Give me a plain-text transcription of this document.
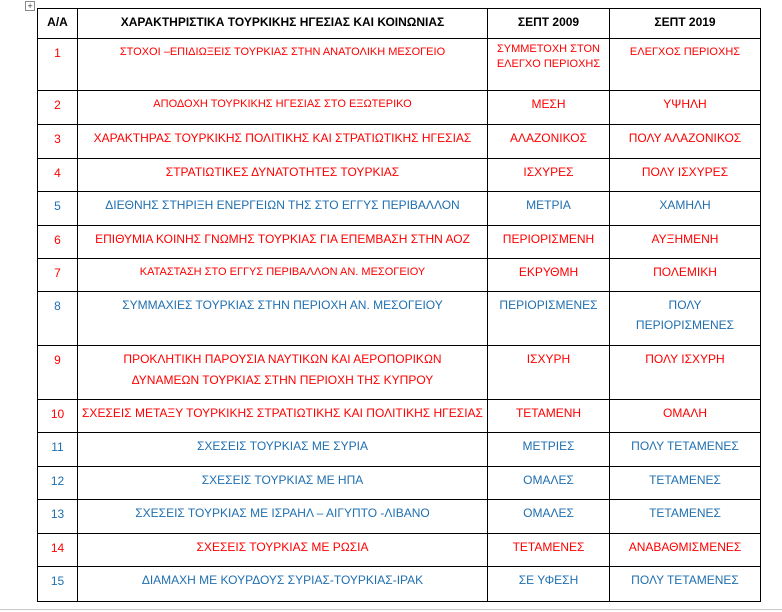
+
Α/Α	ΧΑΡΑΚΤΗΡΙΣΤΙΚΑ ΤΟΥΡΚΙΚΗΣ ΗΓΕΣΙΑΣ ΚΑΙ ΚΟΙΝΩΝΙΑΣ	ΣΕΠΤ 2009	ΣΕΠΤ 2019
1	ΣΤΟΧΟΙ –ΕΠΙΔΙΩΞΕΙΣ ΤΟΥΡΚΙΑΣ ΣΤΗΝ ΑΝΑΤΟΛΙΚΗ ΜΕΣΟΓΕΙΟ	ΣΥΜΜΕΤΟΧΗ ΣΤΟΝ ΕΛΕΓΧΟ ΠΕΡΙΟΧΗΣ	ΕΛΕΓΧΟΣ ΠΕΡΙΟΧΗΣ
2	ΑΠΟΔΟΧΗ ΤΟΥΡΚΙΚΗΣ ΗΓΕΣΙΑΣ ΣΤΟ ΕΞΩΤΕΡΙΚΟ	ΜΕΣΗ	ΥΨΗΛΗ
3	ΧΑΡΑΚΤΗΡΑΣ ΤΟΥΡΚΙΚΗΣ ΠΟΛΙΤΙΚΗΣ ΚΑΙ ΣΤΡΑΤΙΩΤΙΚΗΣ ΗΓΕΣΙΑΣ	ΑΛΑΖΟΝΙΚΟΣ	ΠΟΛΥ ΑΛΑΖΟΝΙΚΟΣ
4	ΣΤΡΑΤΙΩΤΙΚΕΣ ΔΥΝΑΤΟΤΗΤΕΣ ΤΟΥΡΚΙΑΣ	ΙΣΧΥΡΕΣ	ΠΟΛΥ ΙΣΧΥΡΕΣ
5	ΔΙΕΘΝΗΣ ΣΤΗΡΙΞΗ ΕΝΕΡΓΕΙΩΝ ΤΗΣ ΣΤΟ ΕΓΓΥΣ ΠΕΡΙΒΑΛΛΟΝ	ΜΕΤΡΙΑ	ΧΑΜΗΛΗ
6	ΕΠΙΘΥΜΙΑ ΚΟΙΝΗΣ ΓΝΩΜΗΣ ΤΟΥΡΚΙΑΣ ΓΙΑ ΕΠΕΜΒΑΣΗ ΣΤΗΝ ΑΟΖ	ΠΕΡΙΟΡΙΣΜΕΝΗ	ΑΥΞΗΜΕΝΗ
7	ΚΑΤΑΣΤΑΣΗ ΣΤΟ ΕΓΓΥΣ ΠΕΡΙΒΑΛΛΟΝ ΑΝ. ΜΕΣΟΓΕΙΟΥ	ΕΚΡΥΘΜΗ	ΠΟΛΕΜΙΚΗ
8	ΣΥΜΜΑΧΙΕΣ ΤΟΥΡΚΙΑΣ ΣΤΗΝ ΠΕΡΙΟΧΗ ΑΝ. ΜΕΣΟΓΕΙΟΥ	ΠΕΡΙΟΡΙΣΜΕΝΕΣ	ΠΟΛΥ ΠΕΡΙΟΡΙΣΜΕΝΕΣ
9	ΠΡΟΚΛΗΤΙΚΗ ΠΑΡΟΥΣΙΑ ΝΑΥΤΙΚΩΝ ΚΑΙ ΑΕΡΟΠΟΡΙΚΩΝ ΔΥΝΑΜΕΩΝ ΤΟΥΡΚΙΑΣ ΣΤΗΝ ΠΕΡΙΟΧΗ ΤΗΣ ΚΥΠΡΟΥ	ΙΣΧΥΡΗ	ΠΟΛΥ ΙΣΧΥΡΗ
10	ΣΧΕΣΕΙΣ ΜΕΤΑΞΥ ΤΟΥΡΚΙΚΗΣ ΣΤΡΑΤΙΩΤΙΚΗΣ ΚΑΙ ΠΟΛΙΤΙΚΗΣ ΗΓΕΣΙΑΣ	ΤΕΤΑΜΕΝΗ	ΟΜΑΛΗ
11	ΣΧΕΣΕΙΣ ΤΟΥΡΚΙΑΣ ΜΕ ΣΥΡΙΑ	ΜΕΤΡΙΕΣ	ΠΟΛΥ ΤΕΤΑΜΕΝΕΣ
12	ΣΧΕΣΕΙΣ ΤΟΥΡΚΙΑΣ ΜΕ ΗΠΑ	ΟΜΑΛΕΣ	ΤΕΤΑΜΕΝΕΣ
13	ΣΧΕΣΕΙΣ ΤΟΥΡΚΙΑΣ ΜΕ ΙΣΡΑΗΛ – ΑΙΓΥΠΤΟ -ΛΙΒΑΝΟ	ΟΜΑΛΕΣ	ΤΕΤΑΜΕΝΕΣ
14	ΣΧΕΣΕΙΣ ΤΟΥΡΚΙΑΣ ΜΕ ΡΩΣΙΑ	ΤΕΤΑΜΕΝΕΣ	ΑΝΑΒΑΘΜΙΣΜΕΝΕΣ
15	ΔΙΑΜΑΧΗ ΜΕ ΚΟΥΡΔΟΥΣ ΣΥΡΙΑΣ-ΤΟΥΡΚΙΑΣ-ΙΡΑΚ	ΣΕ ΥΦΕΣΗ	ΠΟΛΥ ΤΕΤΑΜΕΝΕΣ
